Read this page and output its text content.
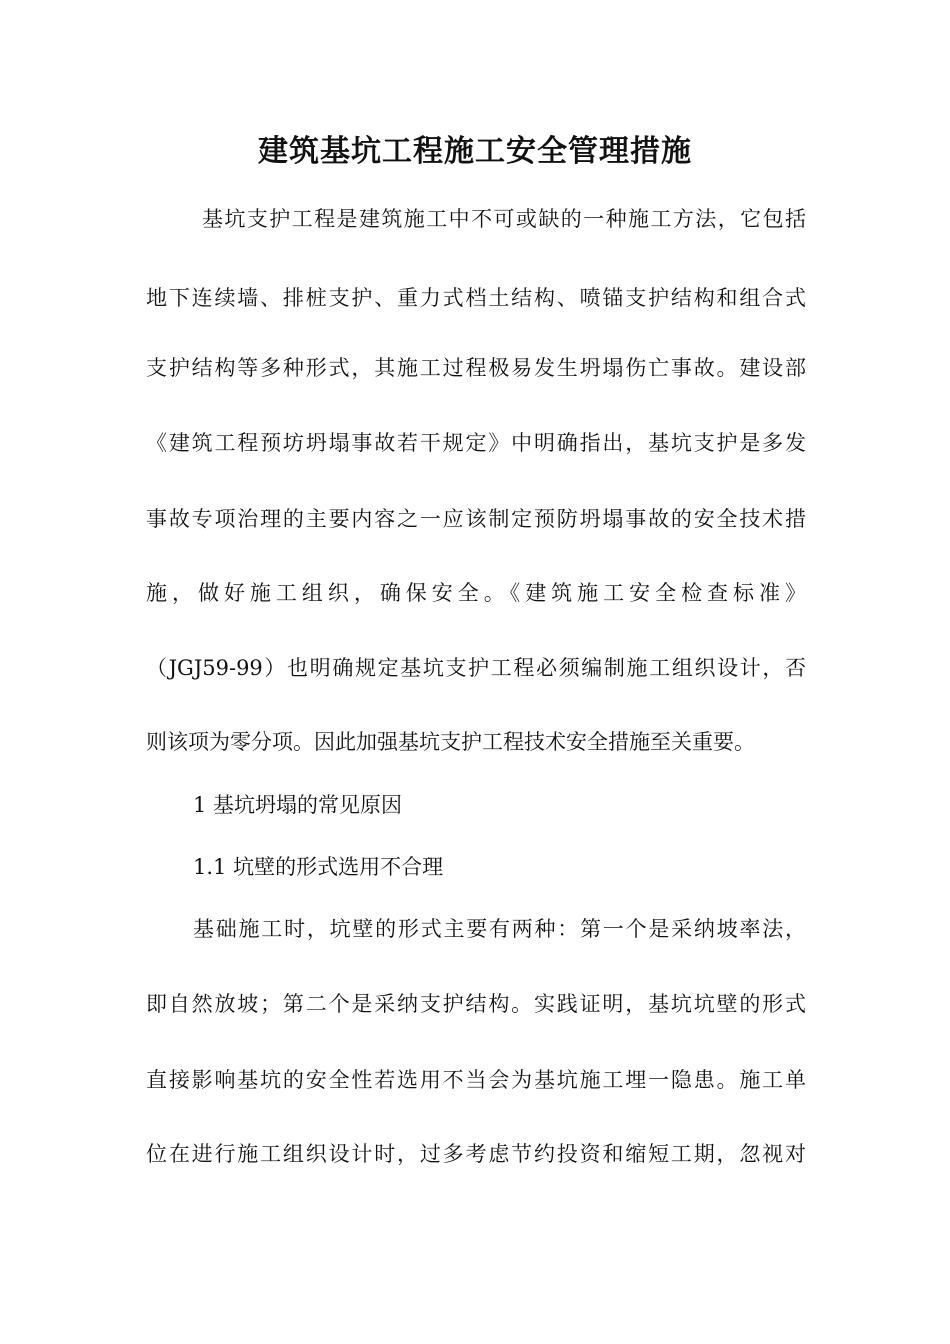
建筑基坑工程施工安全管理措施

基坑支护工程是建筑施工中不可或缺的一种施工方法，它包括

地下连续墙、排桩支护、重力式档土结构、喷锚支护结构和组合式

支护结构等多种形式，其施工过程极易发生坍塌伤亡事故。建设部

《建筑工程预坊坍塌事故若干规定》中明确指出，基坑支护是多发

事故专项治理的主要内容之一应该制定预防坍塌事故的安全技术措

施，做好施工组织，确保安全。《建筑施工安全检查标准》

（JGJ59-99）也明确规定基坑支护工程必须编制施工组织设计，否

则该项为零分项。因此加强基坑支护工程技术安全措施至关重要。

1 基坑坍塌的常见原因

1.1 坑壁的形式选用不合理

基础施工时，坑壁的形式主要有两种：第一个是采纳坡率法，

即自然放坡；第二个是采纳支护结构。实践证明，基坑坑壁的形式

直接影响基坑的安全性若选用不当会为基坑施工埋一隐患。施工单

位在进行施工组织设计时，过多考虑节约投资和缩短工期，忽视对
